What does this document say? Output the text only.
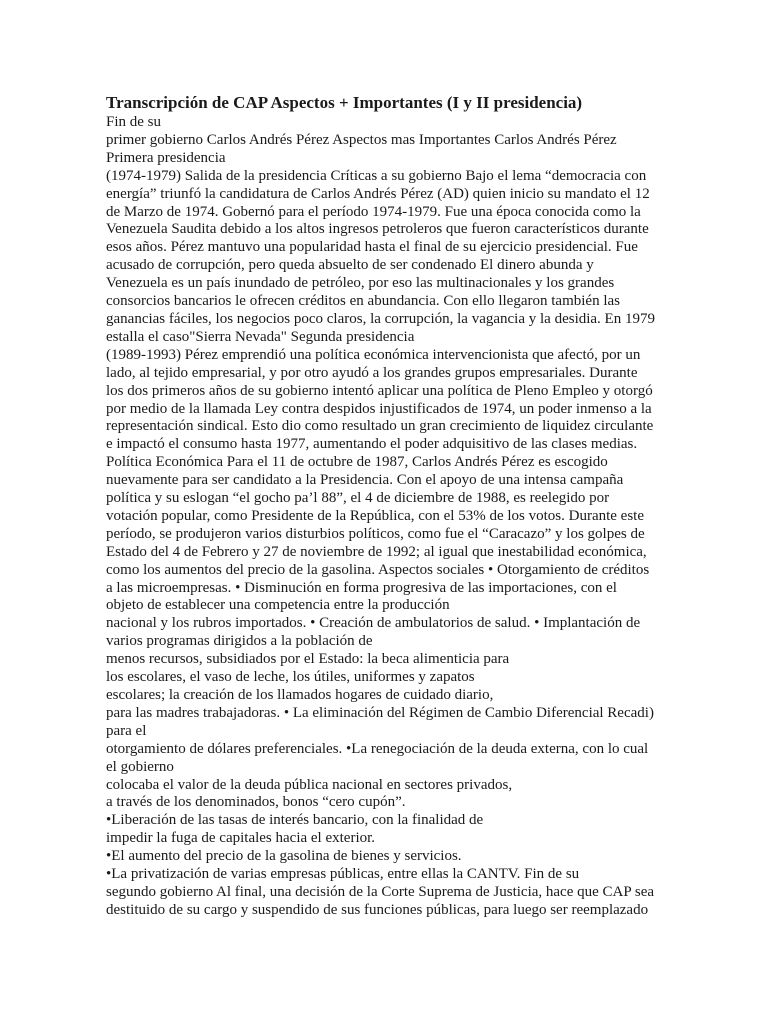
Transcripción de CAP Aspectos + Importantes (I y II presidencia)
Fin de su
primer gobierno Carlos Andrés Pérez Aspectos mas Importantes Carlos Andrés Pérez
Primera presidencia
(1974-1979) Salida de la presidencia Críticas a su gobierno Bajo el lema “democracia con
energía” triunfó la candidatura de Carlos Andrés Pérez (AD) quien inicio su mandato el 12
de Marzo de 1974. Gobernó para el período 1974-1979. Fue una época conocida como la
Venezuela Saudita debido a los altos ingresos petroleros que fueron característicos durante
esos años. Pérez mantuvo una popularidad hasta el final de su ejercicio presidencial. Fue
acusado de corrupción, pero queda absuelto de ser condenado El dinero abunda y
Venezuela es un país inundado de petróleo, por eso las multinacionales y los grandes
consorcios bancarios le ofrecen créditos en abundancia. Con ello llegaron también las
ganancias fáciles, los negocios poco claros, la corrupción, la vagancia y la desidia. En 1979
estalla el caso"Sierra Nevada" Segunda presidencia
(1989-1993) Pérez emprendió una política económica intervencionista que afectó, por un
lado, al tejido empresarial, y por otro ayudó a los grandes grupos empresariales. Durante
los dos primeros años de su gobierno intentó aplicar una política de Pleno Empleo y otorgó
por medio de la llamada Ley contra despidos injustificados de 1974, un poder inmenso a la
representación sindical. Esto dio como resultado un gran crecimiento de liquidez circulante
e impactó el consumo hasta 1977, aumentando el poder adquisitivo de las clases medias.
Política Económica Para el 11 de octubre de 1987, Carlos Andrés Pérez es escogido
nuevamente para ser candidato a la Presidencia. Con el apoyo de una intensa campaña
política y su eslogan “el gocho pa’l 88”, el 4 de diciembre de 1988, es reelegido por
votación popular, como Presidente de la República, con el 53% de los votos. Durante este
período, se produjeron varios disturbios políticos, como fue el “Caracazo” y los golpes de
Estado del 4 de Febrero y 27 de noviembre de 1992; al igual que inestabilidad económica,
como los aumentos del precio de la gasolina. Aspectos sociales • Otorgamiento de créditos
a las microempresas. • Disminución en forma progresiva de las importaciones, con el
objeto de establecer una competencia entre la producción
nacional y los rubros importados. • Creación de ambulatorios de salud. • Implantación de
varios programas dirigidos a la población de
menos recursos, subsidiados por el Estado: la beca alimenticia para
los escolares, el vaso de leche, los útiles, uniformes y zapatos
escolares; la creación de los llamados hogares de cuidado diario,
para las madres trabajadoras. • La eliminación del Régimen de Cambio Diferencial Recadi)
para el
otorgamiento de dólares preferenciales. •La renegociación de la deuda externa, con lo cual
el gobierno
colocaba el valor de la deuda pública nacional en sectores privados,
a través de los denominados, bonos “cero cupón”.
•Liberación de las tasas de interés bancario, con la finalidad de
impedir la fuga de capitales hacia el exterior.
•El aumento del precio de la gasolina de bienes y servicios.
•La privatización de varias empresas públicas, entre ellas la CANTV. Fin de su
segundo gobierno Al final, una decisión de la Corte Suprema de Justicia, hace que CAP sea
destituido de su cargo y suspendido de sus funciones públicas, para luego ser reemplazado
